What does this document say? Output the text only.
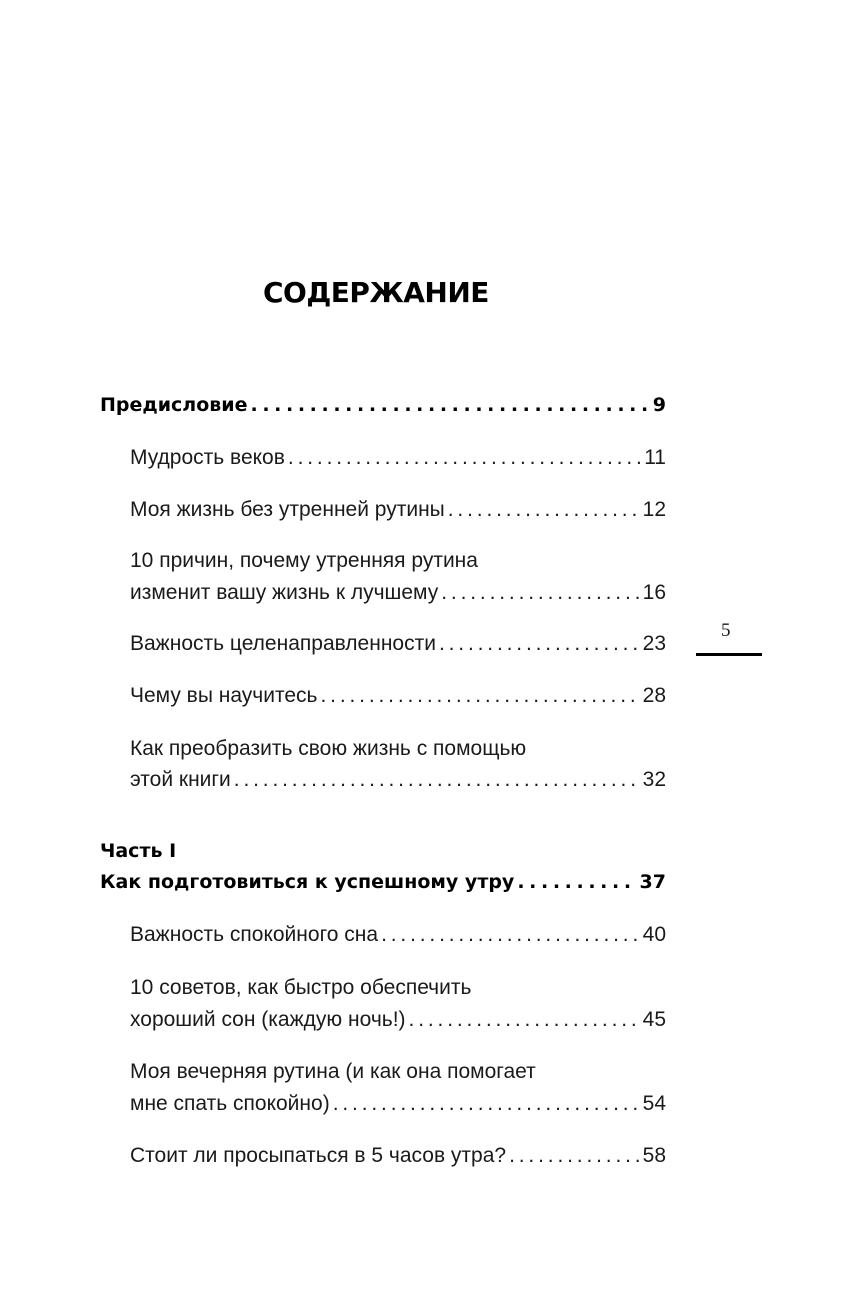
СОДЕРЖАНИЕ
Предисловие . . .	9
Мудрость веков . . .	11
Моя жизнь без утренней рутины . . .	12
10 причин, почему утренняя рутина
изменит вашу жизнь к лучшему . . .	16
Важность целенаправленности . . .	23
Чему вы научитесь . . .	28
Как преобразить свою жизнь с помощью
этой книги . . .	32
Часть I
Как подготовиться к успешному утру . . .	37
Важность спокойного сна . . .	40
10 советов, как быстро обеспечить
хороший сон (каждую ночь!) . . .	45
Моя вечерняя рутина (и как она помогает
мне спать спокойно) . . .	54
Стоит ли просыпаться в 5 часов утра? . . .	58
5
